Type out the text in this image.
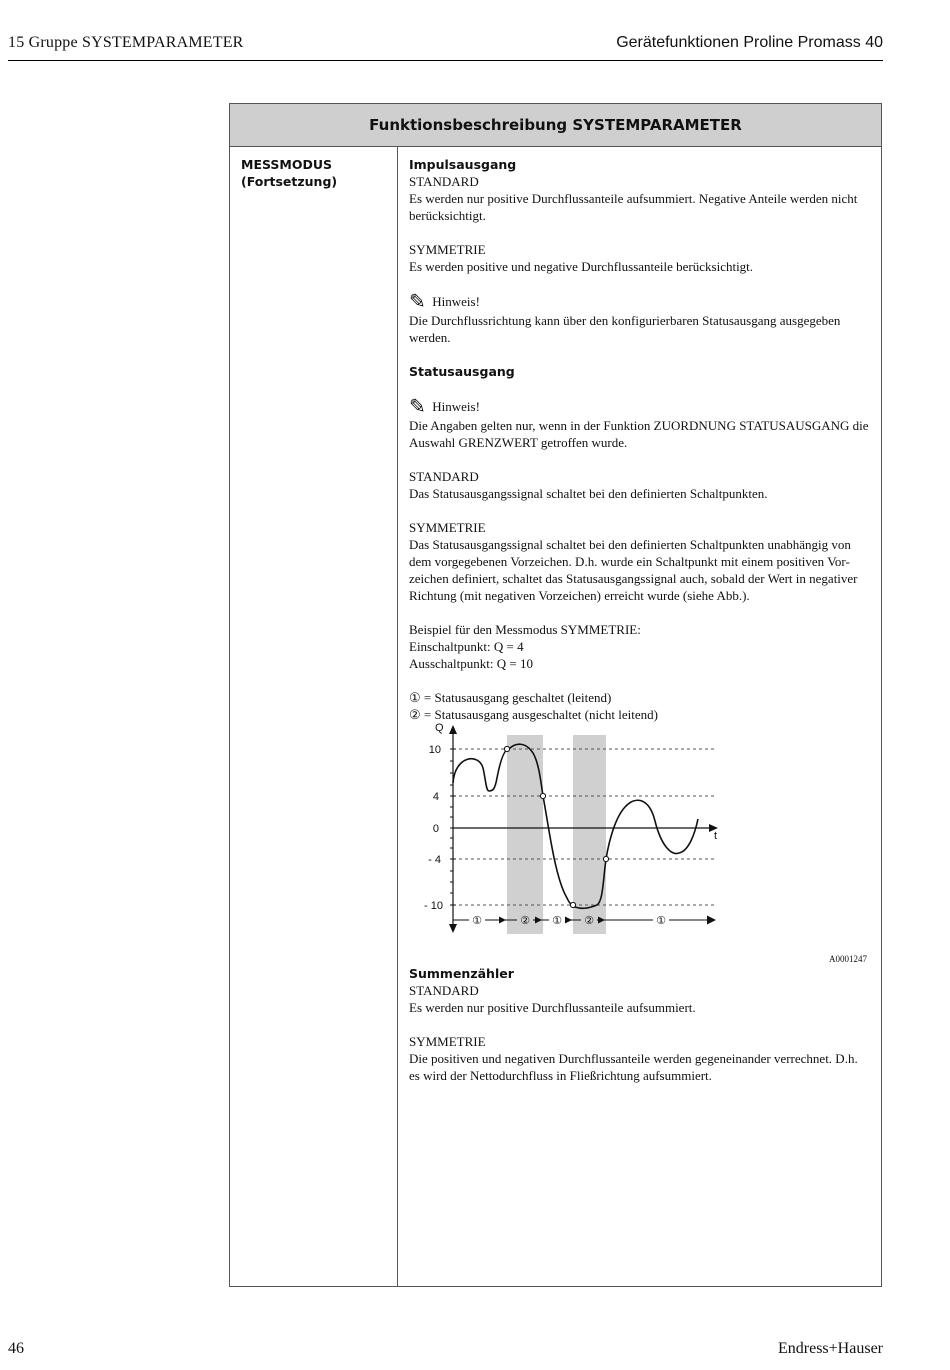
15 Gruppe SYSTEMPARAMETER	Gerätefunktionen Proline Promass 40
Funktionsbeschreibung SYSTEMPARAMETER
MESSMODUS
(Fortsetzung)

Impulsausgang

STANDARD

Es werden nur positive Durchflussanteile aufsummiert. Negative Anteile werden nicht

berücksichtigt.

SYMMETRIE

Es werden positive und negative Durchflussanteile berücksichtigt.

✎ Hinweis!

Die Durchflussrichtung kann über den konfigurierbaren Statusausgang ausgegeben

werden.

Statusausgang

✎ Hinweis!

Die Angaben gelten nur, wenn in der Funktion ZUORDNUNG STATUSAUSGANG die

Auswahl GRENZWERT getroffen wurde.

STANDARD

Das Statusausgangssignal schaltet bei den definierten Schaltpunkten.

SYMMETRIE

Das Statusausgangssignal schaltet bei den definierten Schaltpunkten unabhängig von

dem vorgegebenen Vorzeichen. D.h. wurde ein Schaltpunkt mit einem positiven Vor-

zeichen definiert, schaltet das Statusausgangssignal auch, sobald der Wert in negativer

Richtung (mit negativen Vorzeichen) erreicht wurde (siehe Abb.).

Beispiel für den Messmodus SYMMETRIE:

Einschaltpunkt: Q = 4

Ausschaltpunkt: Q = 10

① = Statusausgang geschaltet (leitend)

② = Statusausgang ausgeschaltet (nicht leitend)

Q
t
10
4
0
- 4
- 10
①	② ① ②	①
A0001247

Summenzähler

STANDARD

Es werden nur positive Durchflussanteile aufsummiert.

SYMMETRIE

Die positiven und negativen Durchflussanteile werden gegeneinander verrechnet. D.h.

es wird der Nettodurchfluss in Fließrichtung aufsummiert.

46	Endress+Hauser
